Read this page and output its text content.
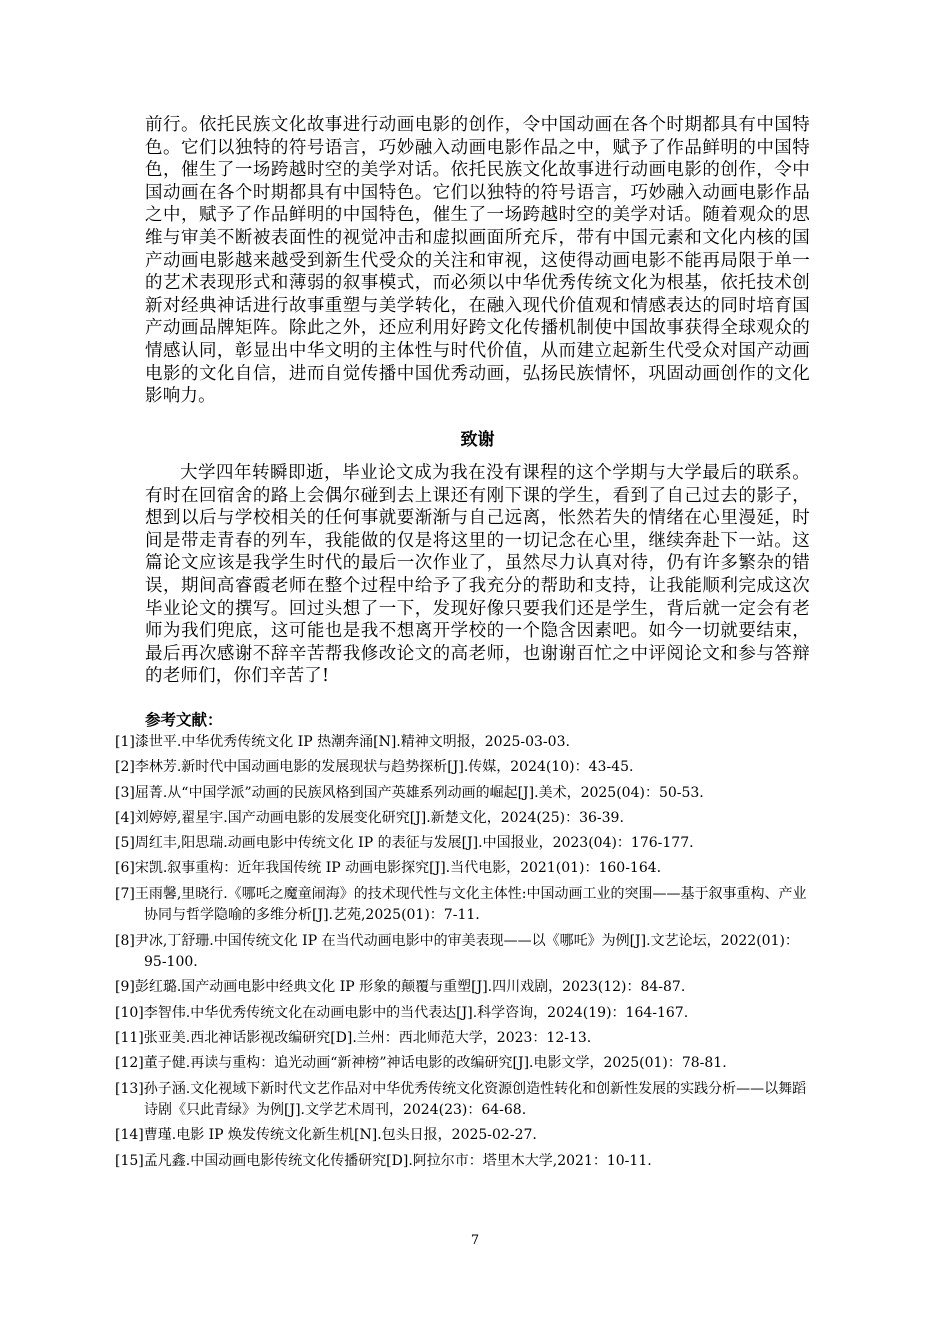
前行。依托民族文化故事进行动画电影的创作，令中国动画在各个时期都具有中国特色。它们以独特的符号语言，巧妙融入动画电影作品之中，赋予了作品鲜明的中国特色，催生了一场跨越时空的美学对话。依托民族文化故事进行动画电影的创作，令中国动画在各个时期都具有中国特色。它们以独特的符号语言，巧妙融入动画电影作品之中，赋予了作品鲜明的中国特色，催生了一场跨越时空的美学对话。随着观众的思维与审美不断被表面性的视觉冲击和虚拟画面所充斥，带有中国元素和文化内核的国产动画电影越来越受到新生代受众的关注和审视，这使得动画电影不能再局限于单一的艺术表现形式和薄弱的叙事模式，而必须以中华优秀传统文化为根基，依托技术创新对经典神话进行故事重塑与美学转化，在融入现代价值观和情感表达的同时培育国产动画品牌矩阵。除此之外，还应利用好跨文化传播机制使中国故事获得全球观众的情感认同，彰显出中华文明的主体性与时代价值，从而建立起新生代受众对国产动画电影的文化自信，进而自觉传播中国优秀动画，弘扬民族情怀，巩固动画创作的文化影响力。

致谢

大学四年转瞬即逝，毕业论文成为我在没有课程的这个学期与大学最后的联系。有时在回宿舍的路上会偶尔碰到去上课还有刚下课的学生，看到了自己过去的影子，想到以后与学校相关的任何事就要渐渐与自己远离，怅然若失的情绪在心里漫延，时间是带走青春的列车，我能做的仅是将这里的一切记念在心里，继续奔赴下一站。这篇论文应该是我学生时代的最后一次作业了，虽然尽力认真对待，仍有许多繁杂的错误，期间高睿霞老师在整个过程中给予了我充分的帮助和支持，让我能顺利完成这次毕业论文的撰写。回过头想了一下，发现好像只要我们还是学生，背后就一定会有老师为我们兜底，这可能也是我不想离开学校的一个隐含因素吧。如今一切就要结束，最后再次感谢不辞辛苦帮我修改论文的高老师，也谢谢百忙之中评阅论文和参与答辩的老师们，你们辛苦了!

参考文献：
[1]漆世平.中华优秀传统文化 IP 热潮奔涌[N].精神文明报，2025-03-03.
[2]李林芳.新时代中国动画电影的发展现状与趋势探析[J].传媒，2024(10)：43-45.
[3]屈菁.从“中国学派”动画的民族风格到国产英雄系列动画的崛起[J].美术，2025(04)：50-53.
[4]刘婷婷,翟星宇.国产动画电影的发展变化研究[J].新楚文化，2024(25)：36-39.
[5]周红丰,阳思瑞.动画电影中传统文化 IP 的表征与发展[J].中国报业，2023(04)：176-177.
[6]宋凯.叙事重构：近年我国传统 IP 动画电影探究[J].当代电影，2021(01)：160-164.
[7]王雨馨,里晓行.《哪吒之魔童闹海》的技术现代性与文化主体性:中国动画工业的突围——基于叙事重构、产业协同与哲学隐喻的多维分析[J].艺苑,2025(01)：7-11.
[8]尹冰,丁舒珊.中国传统文化 IP 在当代动画电影中的审美表现——以《哪吒》为例[J].文艺论坛，2022(01)：95-100.
[9]彭红璐.国产动画电影中经典文化 IP 形象的颠覆与重塑[J].四川戏剧，2023(12)：84-87.
[10]李智伟.中华优秀传统文化在动画电影中的当代表达[J].科学咨询，2024(19)：164-167.
[11]张亚美.西北神话影视改编研究[D].兰州：西北师范大学，2023：12-13.
[12]董子健.再读与重构：追光动画“新神榜”神话电影的改编研究[J].电影文学，2025(01)：78-81.
[13]孙子涵.文化视域下新时代文艺作品对中华优秀传统文化资源创造性转化和创新性发展的实践分析——以舞蹈诗剧《只此青绿》为例[J].文学艺术周刊，2024(23)：64-68.
[14]曹瑾.电影 IP 焕发传统文化新生机[N].包头日报，2025-02-27.
[15]孟凡鑫.中国动画电影传统文化传播研究[D].阿拉尔市：塔里木大学,2021：10-11.
7
